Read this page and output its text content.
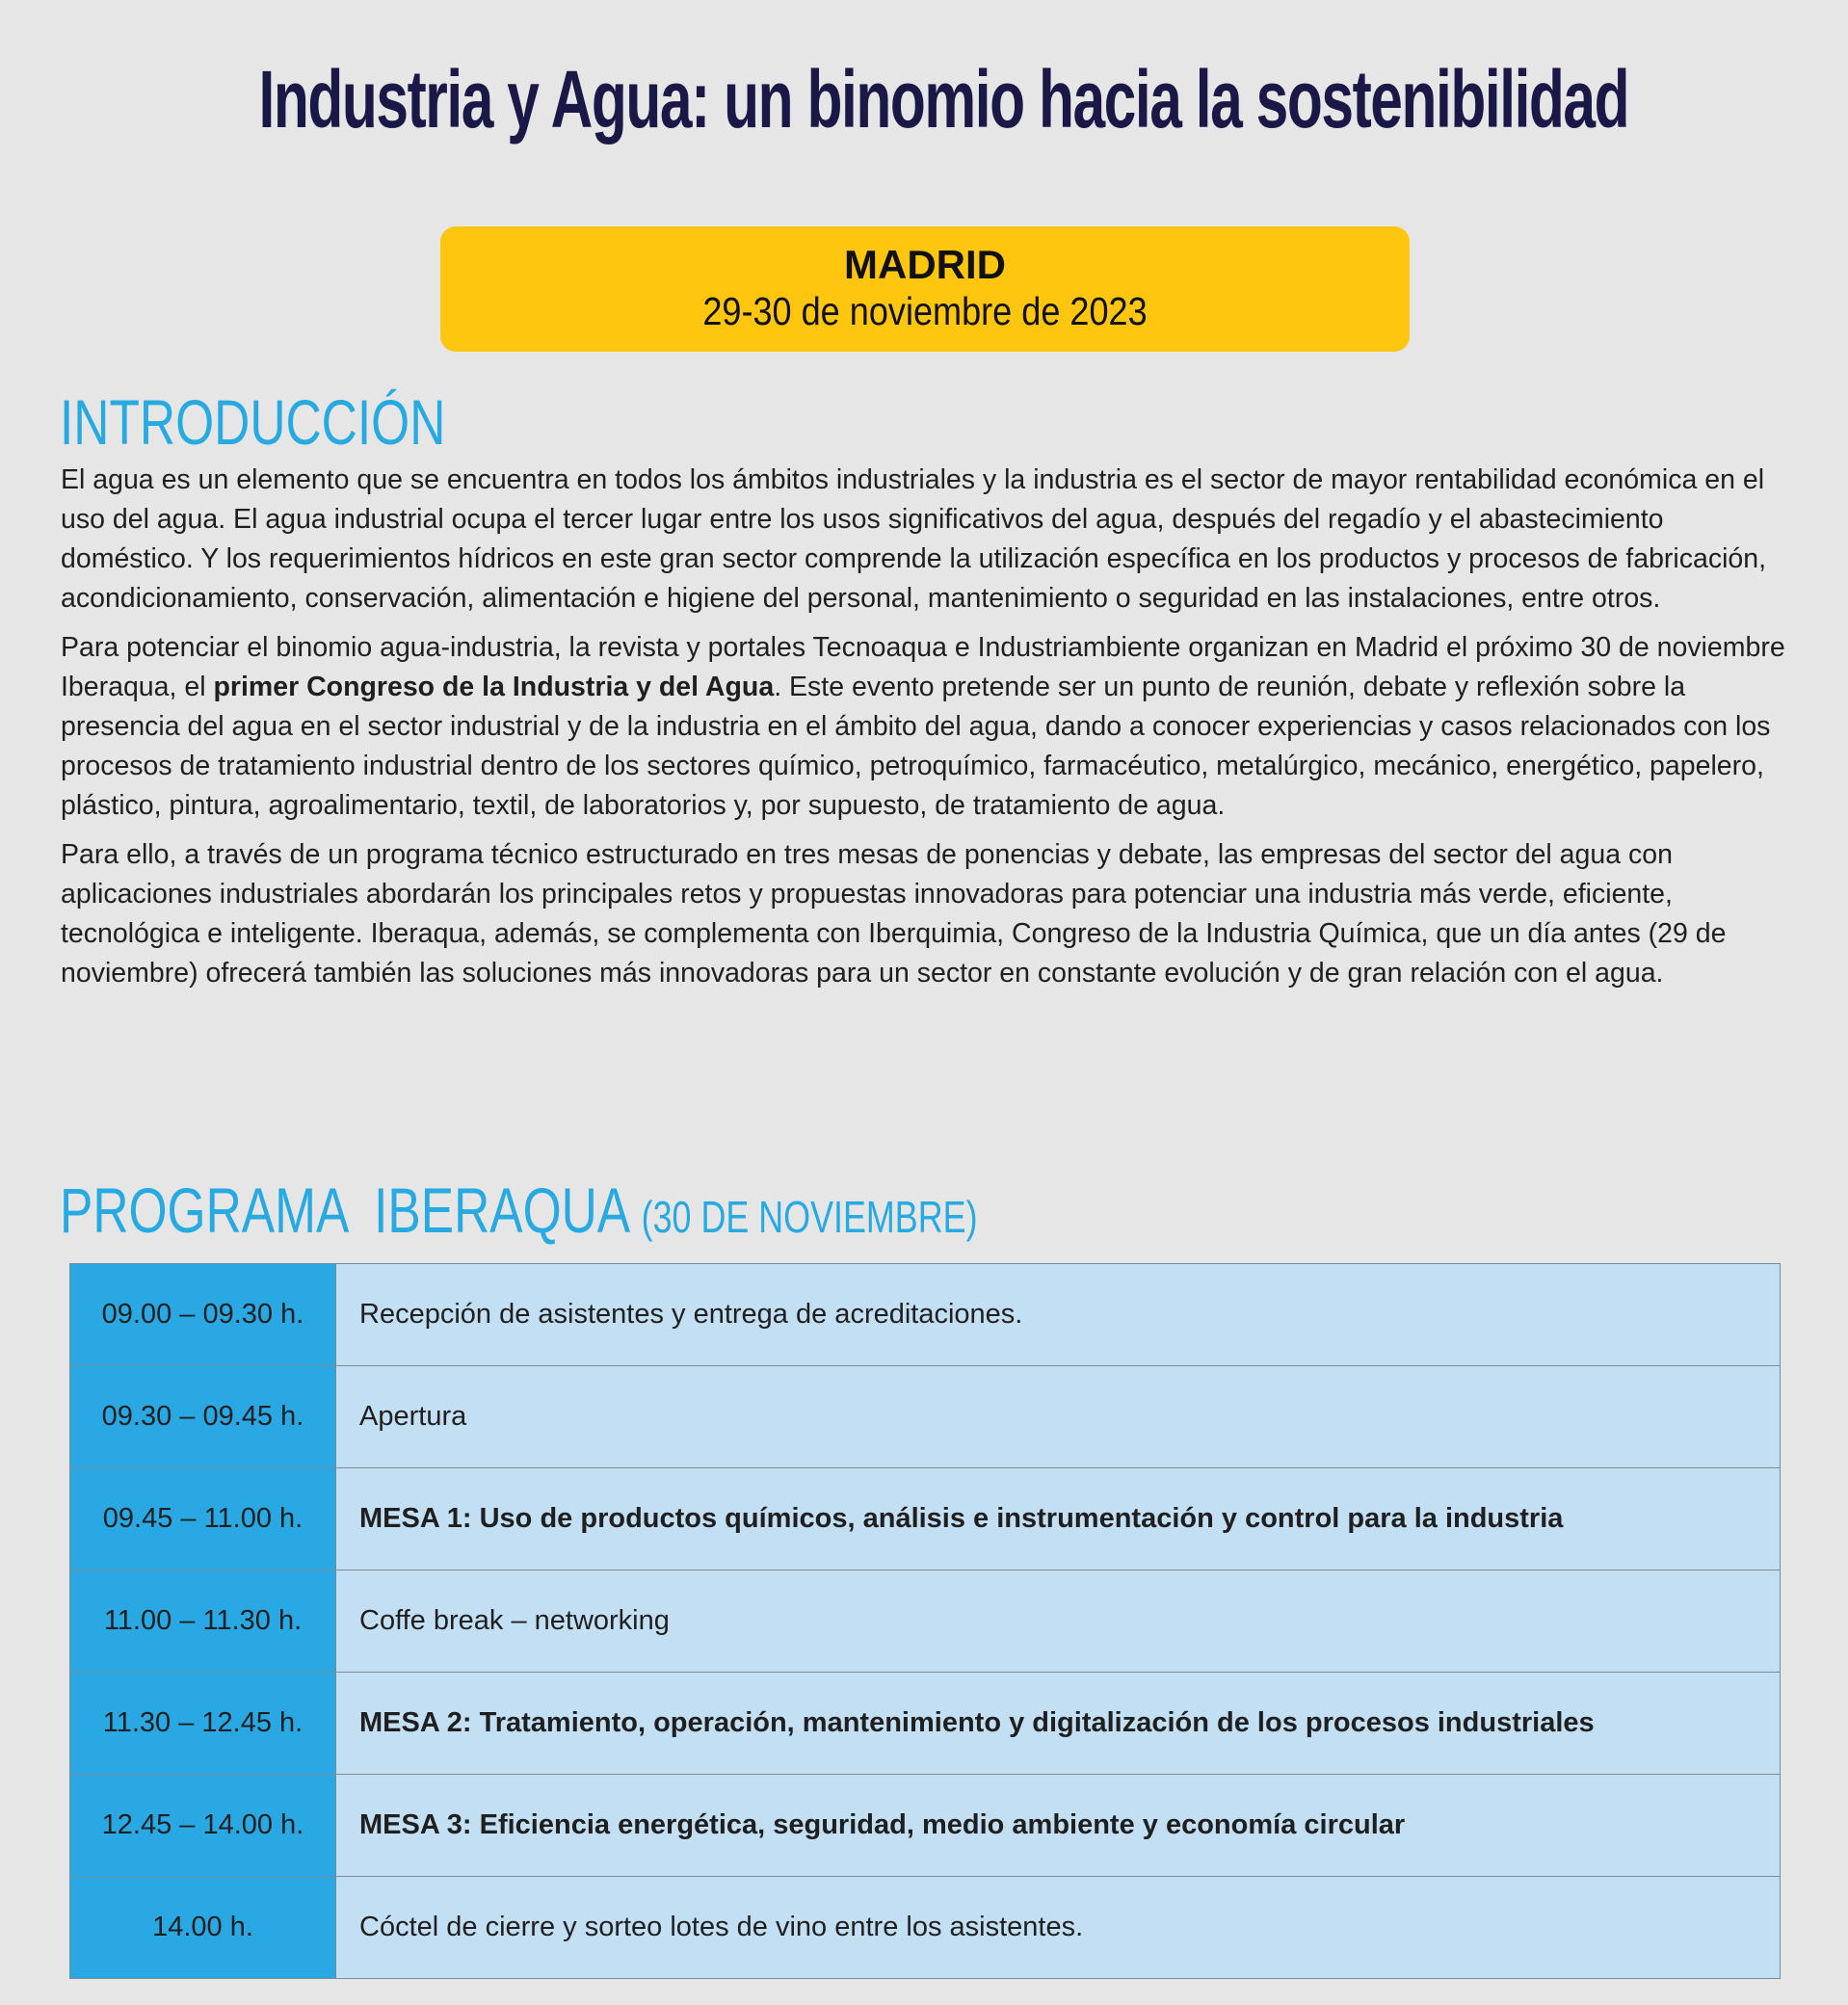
Industria y Agua: un binomio hacia la sostenibilidad
MADRID
29-30 de noviembre de 2023
INTRODUCCIÓN

El agua es un elemento que se encuentra en todos los ámbitos industriales y la industria es el sector de mayor rentabilidad económica en el uso del agua. El agua industrial ocupa el tercer lugar entre los usos significativos del agua, después del regadío y el abastecimiento doméstico. Y los requerimientos hídricos en este gran sector comprende la utilización específica en los productos y procesos de fabricación, acondicionamiento, conservación, alimentación e higiene del personal, mantenimiento o seguridad en las instalaciones, entre otros.

Para potenciar el binomio agua-industria, la revista y portales Tecnoaqua e Industriambiente organizan en Madrid el próximo 30 de noviembre Iberaqua, el primer Congreso de la Industria y del Agua. Este evento pretende ser un punto de reunión, debate y reflexión sobre la presencia del agua en el sector industrial y de la industria en el ámbito del agua, dando a conocer experiencias y casos relacionados con los procesos de tratamiento industrial dentro de los sectores químico, petroquímico, farmacéutico, metalúrgico, mecánico, energético, papelero, plástico, pintura, agroalimentario, textil, de laboratorios y, por supuesto, de tratamiento de agua.

Para ello, a través de un programa técnico estructurado en tres mesas de ponencias y debate, las empresas del sector del agua con aplicaciones industriales abordarán los principales retos y propuestas innovadoras para potenciar una industria más verde, eficiente, tecnológica e inteligente. Iberaqua, además, se complementa con Iberquimia, Congreso de la Industria Química, que un día antes (29 de noviembre) ofrecerá también las soluciones más innovadoras para un sector en constante evolución y de gran relación con el agua.

PROGRAMA  IBERAQUA (30 DE NOVIEMBRE)
09.00 – 09.30 h.	Recepción de asistentes y entrega de acreditaciones.
09.30 – 09.45 h.	Apertura
09.45 – 11.00 h.	MESA 1: Uso de productos químicos, análisis e instrumentación y control para la industria
11.00 – 11.30 h.	Coffe break – networking
11.30 – 12.45 h.	MESA 2: Tratamiento, operación, mantenimiento y digitalización de los procesos industriales
12.45 – 14.00 h.	MESA 3: Eficiencia energética, seguridad, medio ambiente y economía circular
14.00 h.	Cóctel de cierre y sorteo lotes de vino entre los asistentes.
